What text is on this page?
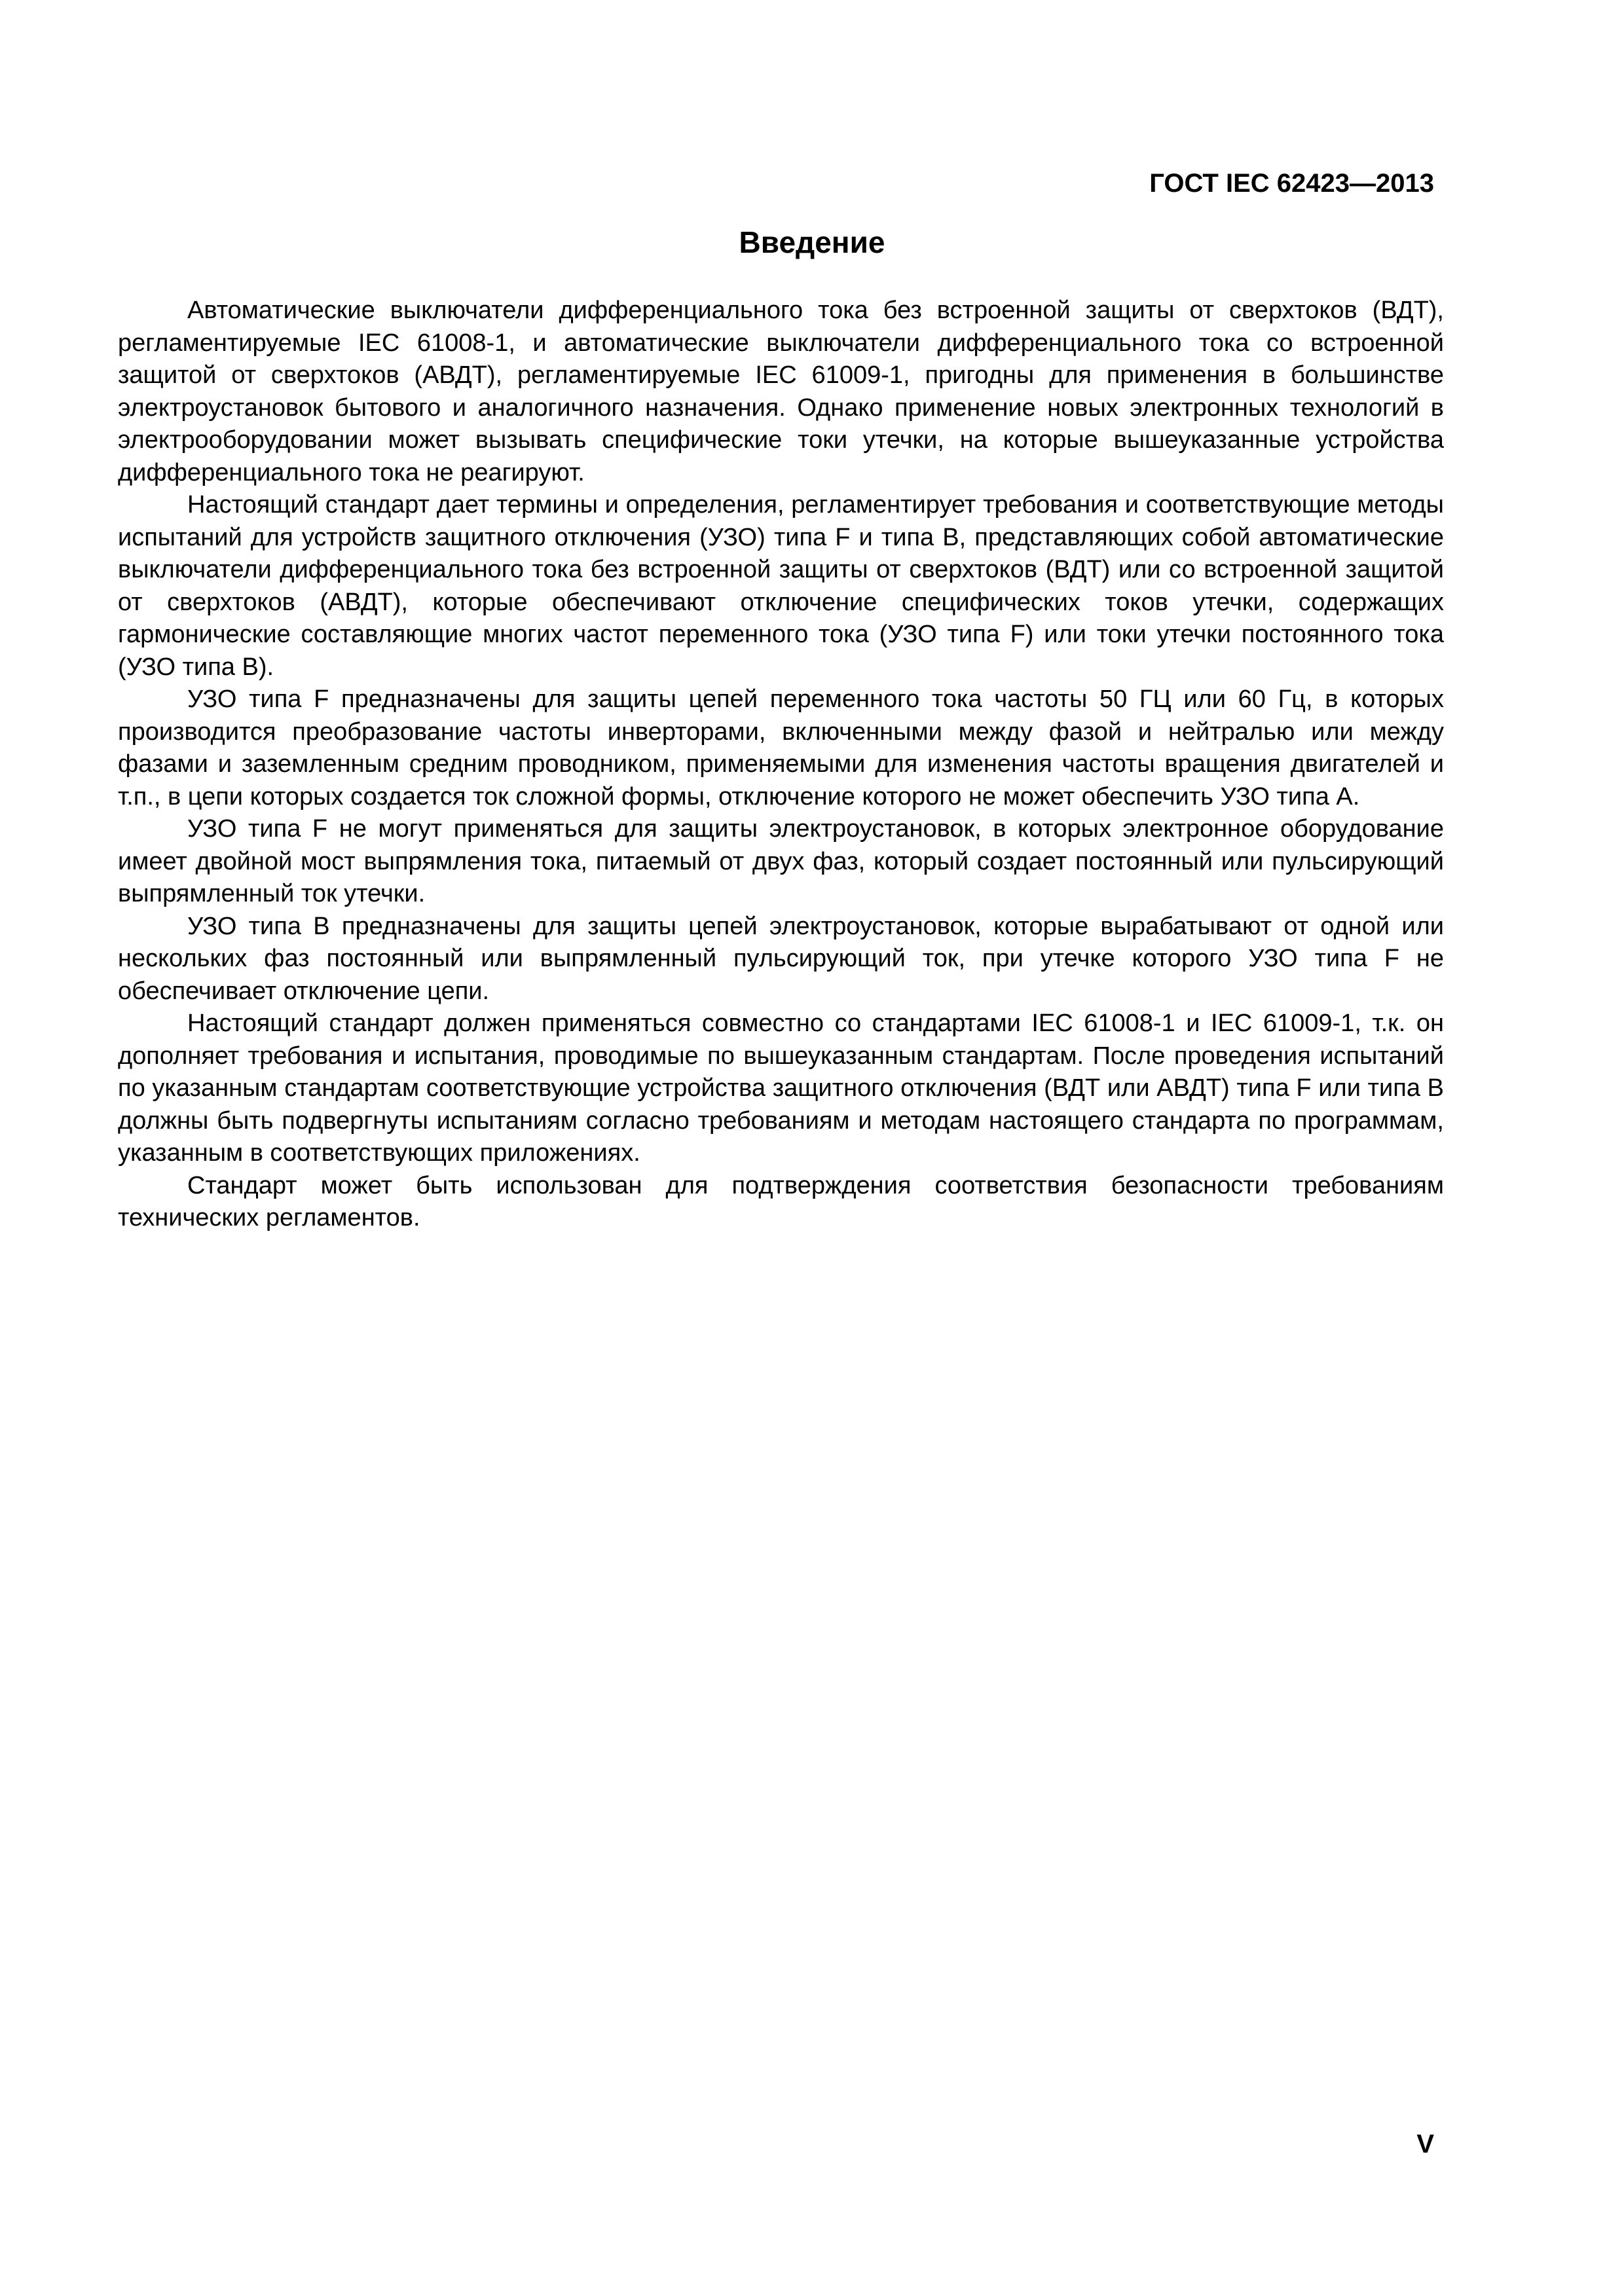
ГОСТ IEC 62423—2013
Введение

Автоматические выключатели дифференциального тока без встроенной защиты от сверхтоков (ВДТ), регламентируемые IEC 61008-1, и автоматические выключатели дифференциального тока со встроенной защитой от сверхтоков (АВДТ), регламентируемые IEC 61009-1, пригодны для применения в большинстве электроустановок бытового и аналогичного назначения. Однако применение новых электронных технологий в электрооборудовании может вызывать специфические токи утечки, на которые вышеуказанные устройства дифференциального тока не реагируют.

Настоящий стандарт дает термины и определения, регламентирует требования и соответствующие методы испытаний для устройств защитного отключения (УЗО) типа F и типа B, представляющих собой автоматические выключатели дифференциального тока без встроенной защиты от сверхтоков (ВДТ) или со встроенной защитой от сверхтоков (АВДТ), которые обеспечивают отключение специфических токов утечки, содержащих гармонические составляющие многих частот переменного тока (УЗО типа F) или токи утечки постоянного тока (УЗО типа B).

УЗО типа F предназначены для защиты цепей переменного тока частоты 50 ГЦ или 60 Гц, в которых производится преобразование частоты инверторами, включенными между фазой и нейтралью или между фазами и заземленным средним проводником, применяемыми для изменения частоты вращения двигателей и т.п., в цепи которых создается ток сложной формы, отключение которого не может обеспечить УЗО типа A.

УЗО типа F не могут применяться для защиты электроустановок, в которых электронное оборудование имеет двойной мост выпрямления тока, питаемый от двух фаз, который создает постоянный или пульсирующий выпрямленный ток утечки.

УЗО типа B предназначены для защиты цепей электроустановок, которые вырабатывают от одной или нескольких фаз постоянный или выпрямленный пульсирующий ток, при утечке которого УЗО типа F не обеспечивает отключение цепи.

Настоящий стандарт должен применяться совместно со стандартами IEC 61008-1 и IEC 61009-1, т.к. он дополняет требования и испытания, проводимые по вышеуказанным стандартам. После проведения испытаний по указанным стандартам соответствующие устройства защитного отключения (ВДТ или АВДТ) типа F или типа B должны быть подвергнуты испытаниям согласно требованиям и методам настоящего стандарта по программам, указанным в соответствующих приложениях.

Стандарт может быть использован для подтверждения соответствия безопасности требованиям технических регламентов.

V
